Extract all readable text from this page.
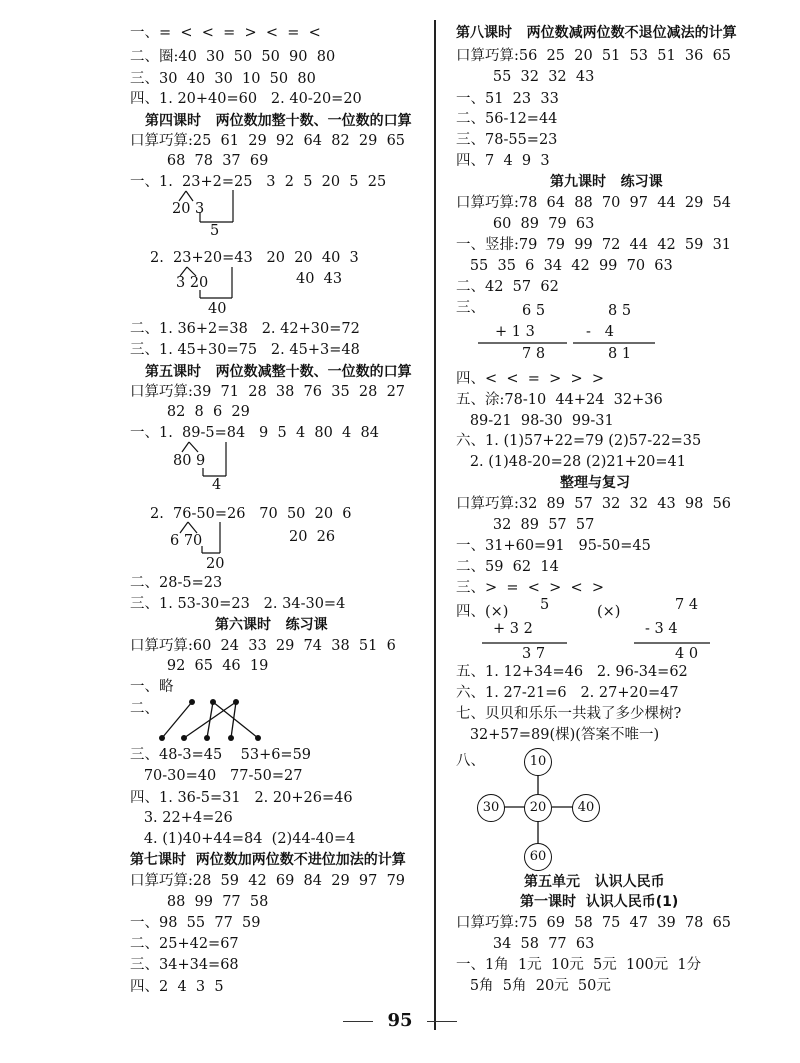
一、=  <  <  =  >  <  =  <
二、圈:40  30  50  50  90  80
三、30  40  30  10  50  80
四、1. 20+40=60   2. 40-20=20
第四课时   两位数加整十数、一位数的口算
口算巧算:25  61  29  92  64  82  29  65
68  78  37  69
一、1.  23+2=25   3  2  5  20  5  25
2.  23+20=43   20  20  40  3
二、1. 36+2=38   2. 42+30=72
三、1. 45+30=75   2. 45+3=48
第五课时   两位数减整十数、一位数的口算
口算巧算:39  71  28  38  76  35  28  27
82  8  6  29
一、1.  89-5=84   9  5  4  80  4  84
2.  76-50=26   70  50  20  6
二、28-5=23
三、1. 53-30=23   2. 34-30=4
第六课时   练习课
口算巧算:60  24  33  29  74  38  51  6
92  65  46  19
一、略
二、
三、48-3=45    53+6=59
70-30=40   77-50=27
四、1. 36-5=31   2. 20+26=46
3. 22+4=26
4. (1)40+44=84  (2)44-40=4
第七课时  两位数加两位数不进位加法的计算
口算巧算:28  59  42  69  84  29  97  79
88  99  77  58
一、98  55  77  59
二、25+42=67
三、34+34=68
四、2  4  3  5
20 3
5
3 20
40
40  43
80 9
4
6 70
20
20  26
第八课时   两位数减两位数不退位减法的计算
口算巧算:56  25  20  51  53  51  36  65
55  32  32  43
一、51  23  33
二、56-12=44
三、78-55=23
四、7  4  9  3
第九课时   练习课
口算巧算:78  64  88  70  97  44  29  54
60  89  79  63
一、竖排:79  79  99  72  44  42  59  31
55  35  6  34  42  99  70  63
二、42  57  62
三、
四、<  <  =  >  >  >
五、涂:78-10  44+24  32+36
89-21  98-30  99-31
六、1. (1)57+22=79 (2)57-22=35
2. (1)48-20=28 (2)21+20=41
整理与复习
口算巧算:32  89  57  32  32  43  98  56
32  89  57  57
一、31+60=91   95-50=45
二、59  62  14
三、>  =  <  >  <  >
四、(×)	(×)
五、1. 12+34=46   2. 96-34=62
六、1. 27-21=6   2. 27+20=47
七、贝贝和乐乐一共栽了多少棵树?
32+57=89(棵)(答案不唯一)
八、
第五单元   认识人民币
第一课时  认识人民币(1)
口算巧算:75  69  58  75  47  39  78  65
34  58  77  63
一、1角  1元  10元  5元  100元  1分
5角  5角  20元  50元
6 5
+ 1 3
7 8
8 5
-   4
8 1
5
+ 3 2
3 7
7 4
- 3 4
4 0
10
30	20	40
60
95
